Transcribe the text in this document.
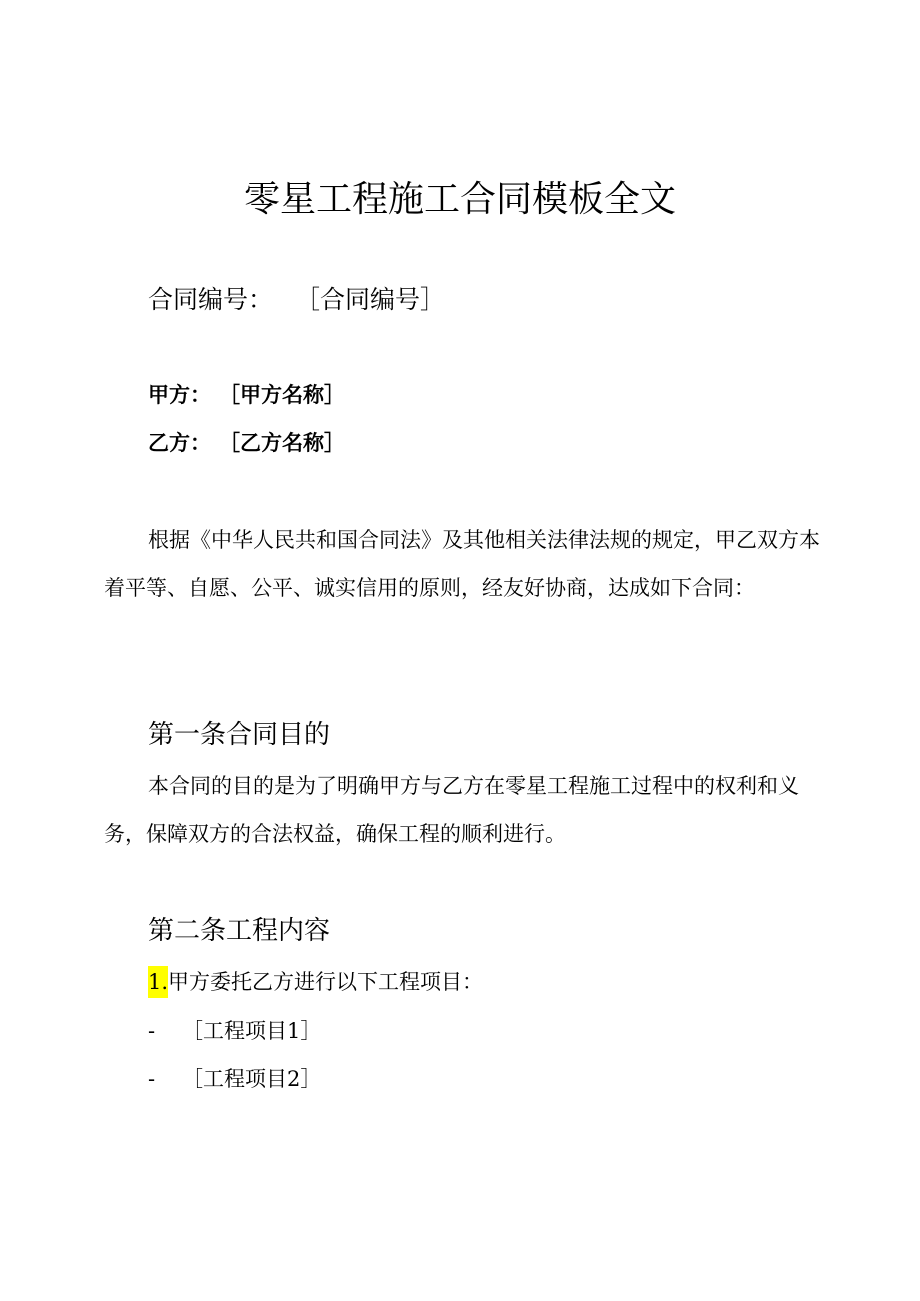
零星工程施工合同模板全文
合同编号： ［合同编号］
甲方： ［甲方名称］
乙方： ［乙方名称］

根据《中华人民共和国合同法》及其他相关法律法规的规定，甲乙双方本着平等、自愿、公平、诚实信用的原则，经友好协商，达成如下合同：

第一条合同目的

本合同的目的是为了明确甲方与乙方在零星工程施工过程中的权利和义务，保障双方的合法权益，确保工程的顺利进行。

第二条工程内容
1.甲方委托乙方进行以下工程项目：
- ［工程项目1］
- ［工程项目2］
